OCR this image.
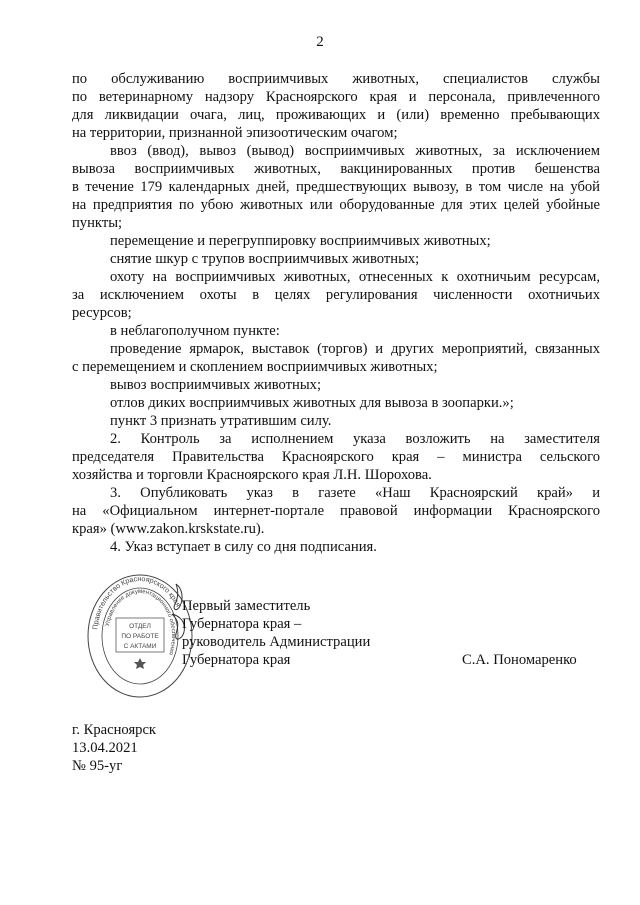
2
по обслуживанию восприимчивых животных, специалистов службы
по ветеринарному надзору Красноярского края и персонала, привлеченного
для ликвидации очага, лиц, проживающих и (или) временно пребывающих
на территории, признанной эпизоотическим очагом;
ввоз (ввод), вывоз (вывод) восприимчивых животных, за исключением
вывоза восприимчивых животных, вакцинированных против бешенства
в течение 179 календарных дней, предшествующих вывозу, в том числе на убой
на предприятия по убою животных или оборудованные для этих целей убойные
пункты;
перемещение и перегруппировку восприимчивых животных;
снятие шкур с трупов восприимчивых животных;
охоту на восприимчивых животных, отнесенных к охотничьим ресурсам,
за исключением охоты в целях регулирования численности охотничьих
ресурсов;
в неблагополучном пункте:
проведение ярмарок, выставок (торгов) и других мероприятий, связанных
с перемещением и скоплением восприимчивых животных;
вывоз восприимчивых животных;
отлов диких восприимчивых животных для вывоза в зоопарки.»;
пункт 3 признать утратившим силу.
2. Контроль за исполнением указа возложить на заместителя
председателя Правительства Красноярского края – министра сельского
хозяйства и торговли Красноярского края Л.Н. Шорохова.
3. Опубликовать указ в газете «Наш Красноярский край» и
на «Официальном интернет-портале правовой информации Красноярского
края» (www.zakon.krskstate.ru).
4. Указ вступает в силу со дня подписания.
Правительство Красноярского края
Управление документационного обеспечения
ОТДЕЛ
ПО РАБОТЕ
С АКТАМИ
Первый заместитель
Губернатора края –
руководитель Администрации
Губернатора края	С.А. Пономаренко
г. Красноярск
13.04.2021
№ 95-уг
